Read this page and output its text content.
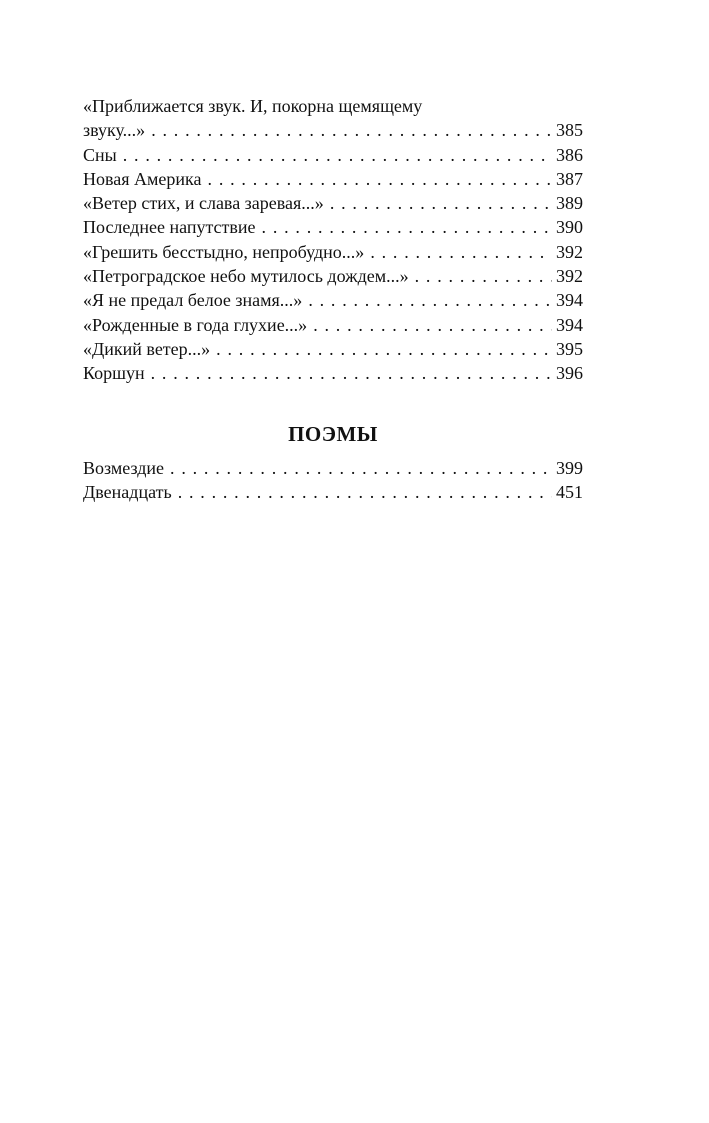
«Приближается звук. И, покорна щемящему
звуку...» . . .	385
Сны . . .	386
Новая Америка . . .	387
«Ветер стих, и слава заревая...» . . .	389
Последнее напутствие . . .	390
«Грешить бесстыдно, непробудно...» . . .	392
«Петроградское небо мутилось дождем...» . . .	392
«Я не предал белое знамя...» . . .	394
«Рожденные в года глухие...» . . .	394
«Дикий ветер...» . . .	395
Коршун . . .	396
ПОЭМЫ
Возмездие . . .	399
Двенадцать . . .	451
